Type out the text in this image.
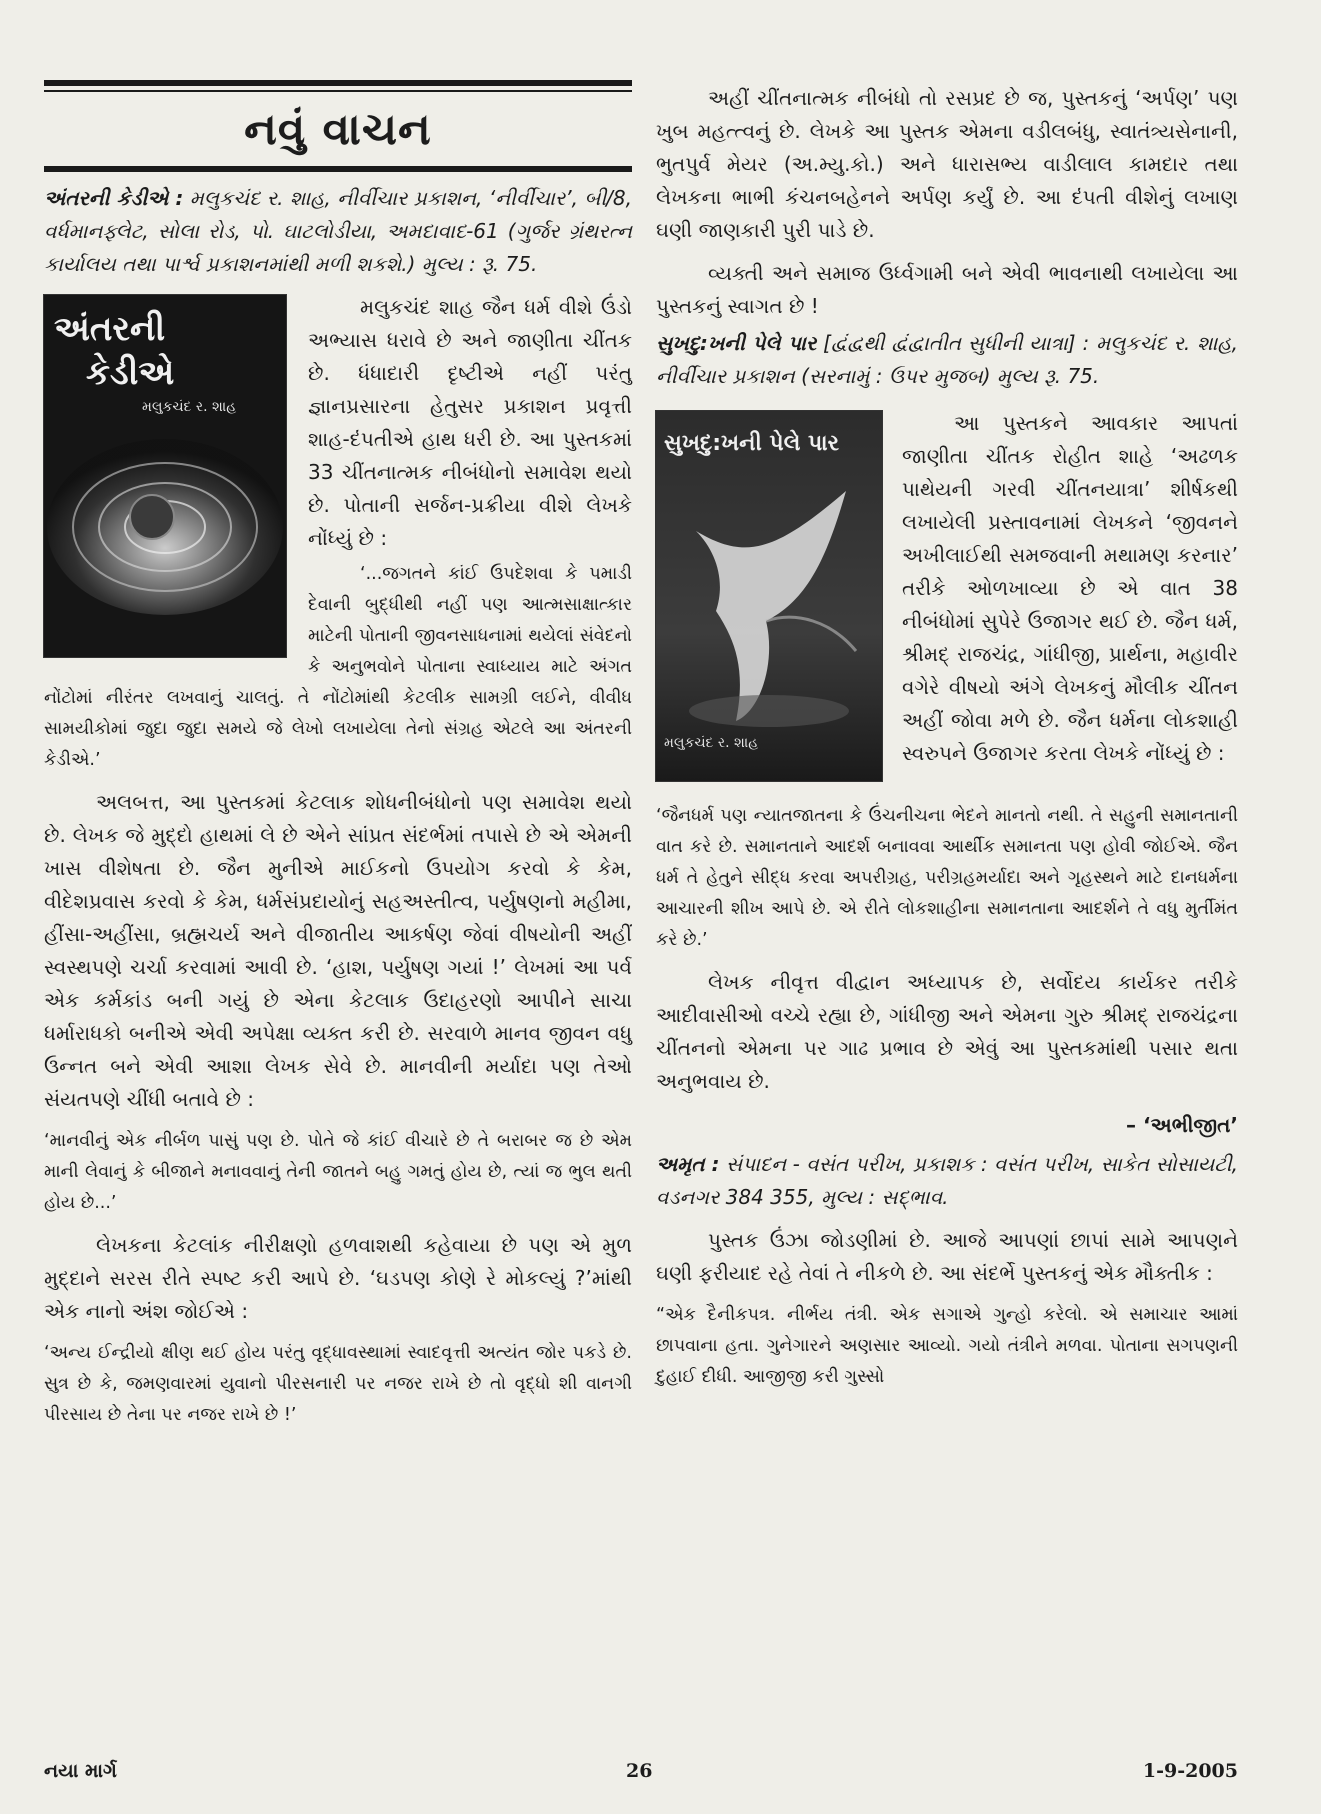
નવું વાચન
અંતરની કેડીએ : મલુકચંદ ર. શાહ, નીર્વીચાર પ્રકાશન, ‘નીર્વીચાર’, બી/8, વર્ધમાનફ્લેટ, સોલા રોડ, પો. ઘાટલોડીયા, અમદાવાદ-61 (ગુર્જર ગ્રંથરત્ન કાર્યાલય તથા પાર્શ્વ પ્રકાશનમાંથી મળી શકશે.) મુલ્ય : રૂ. 75.
અંતરની
કેડીએ
મલુકચંદ ર. શાહ

મલુકચંદ શાહ જૈન ધર્મ વીશે ઉંડો અભ્યાસ ધરાવે છે અને જાણીતા ચીંતક છે. ધંધાદારી દૃષ્ટીએ નહીં પરંતુ જ્ઞાનપ્રસારના હેતુસર પ્રકાશન પ્રવૃત્તી શાહ-દંપતીએ હાથ ધરી છે. આ પુસ્તકમાં 33 ચીંતનાત્મક નીબંધોનો સમાવેશ થયો છે. પોતાની સર્જન-પ્રક્રીયા વીશે લેખકે નોંધ્યું છે :

‘...જગતને કાંઈ ઉપદેશવા કે પમાડી દેવાની બુદ્ધીથી નહીં પણ આત્મસાક્ષાત્કાર માટેની પોતાની જીવનસાધનામાં થયેલાં સંવેદનો કે અનુભવોને પોતાના સ્વાધ્યાય માટે અંગત નોંટોમાં નીરંતર લખવાનું ચાલતું. તે નોંટોમાંથી કેટલીક સામગ્રી લઈને, વીવીધ સામયીકોમાં જુદા જુદા સમયે જે લેખો લખાયેલા તેનો સંગ્રહ એટલે આ અંતરની કેડીએ.’

અલબત્ત, આ પુસ્તકમાં કેટલાક શોધનીબંધોનો પણ સમાવેશ થયો છે. લેખક જે મુદ્દો હાથમાં લે છે એને સાંપ્રત સંદર્ભમાં તપાસે છે એ એમની ખાસ વીશેષતા છે. જૈન મુનીએ માઈકનો ઉપયોગ કરવો કે કેમ, વીદેશપ્રવાસ કરવો કે કેમ, ધર્મસંપ્રદાયોનું સહઅસ્તીત્વ, પર્યુષણનો મહીમા, હીંસા-અહીંસા, બ્રહ્મચર્ય અને વીજાતીય આકર્ષણ જેવાં વીષયોની અહીં સ્વસ્થપણે ચર્ચા કરવામાં આવી છે. ‘હાશ, પર્યુષણ ગયાં !’ લેખમાં આ પર્વ એક કર્મકાંડ બની ગયું છે એના કેટલાક ઉદાહરણો આપીને સાચા ધર્મારાધકો બનીએ એવી અપેક્ષા વ્યક્ત કરી છે. સરવાળે માનવ જીવન વધુ ઉન્નત બને એવી આશા લેખક સેવે છે. માનવીની મર્યાદા પણ તેઓ સંયતપણે ચીંધી બતાવે છે :

‘માનવીનું એક નીર્બળ પાસું પણ છે. પોતે જે કાંઈ વીચારે છે તે બરાબર જ છે એમ માની લેવાનું કે બીજાને મનાવવાનું તેની જાતને બહુ ગમતું હોય છે, ત્યાં જ ભુલ થતી હોય છે...’

લેખકના કેટલાંક નીરીક્ષણો હળવાશથી કહેવાયા છે પણ એ મુળ મુદ્દાને સરસ રીતે સ્પષ્ટ કરી આપે છે. ‘ઘડપણ કોણે રે મોકલ્યું ?’માંથી એક નાનો અંશ જોઈએ :

‘અન્ય ઈન્દ્રીયો ક્ષીણ થઈ હોય પરંતુ વૃદ્ધાવસ્થામાં સ્વાદવૃત્તી અત્યંત જોર પકડે છે. સુત્ર છે કે, જમણવારમાં યુવાનો પીરસનારી પર નજર રાખે છે તો વૃદ્ધો શી વાનગી પીરસાય છે તેના પર નજર રાખે છે !’

અહીં ચીંતનાત્મક નીબંધો તો રસપ્રદ છે જ, પુસ્તકનું ‘અર્પણ’ પણ ખુબ મહત્ત્વનું છે. લેખકે આ પુસ્તક એમના વડીલબંધુ, સ્વાતંત્ર્યસેનાની, ભુતપુર્વ મેયર (અ.મ્યુ.કો.) અને ધારાસભ્ય વાડીલાલ કામદાર તથા લેખકના ભાભી કંચનબહેનને અર્પણ કર્યું છે. આ દંપતી વીશેનું લખાણ ઘણી જાણકારી પુરી પાડે છે.

વ્યક્તી અને સમાજ ઉર્ધ્વગામી બને એવી ભાવનાથી લખાયેલા આ પુસ્તકનું સ્વાગત છે !

સુખદુ:ખની પેલે પાર [દ્વંદ્વથી દ્વંદ્વાતીત સુધીની યાત્રા] : મલુકચંદ ર. શાહ, નીર્વીચાર પ્રકાશન (સરનામું : ઉપર મુજબ) મુલ્ય રૂ. 75.
સુખદુ:ખની પેલે પાર
મલુકચંદ ર. શાહ

આ પુસ્તકને આવકાર આપતાં જાણીતા ચીંતક રોહીત શાહે ‘અઢળક પાથેયની ગરવી ચીંતનયાત્રા’ શીર્ષકથી લખાયેલી પ્રસ્તાવનામાં લેખકને ‘જીવનને અખીલાઈથી સમજવાની મથામણ કરનાર’ તરીકે ઓળખાવ્યા છે એ વાત 38 નીબંધોમાં સુપેરે ઉજાગર થઈ છે. જૈન ધર્મ, શ્રીમદ્ રાજચંદ્ર, ગાંધીજી, પ્રાર્થના, મહાવીર વગેરે વીષયો અંગે લેખકનું મૌલીક ચીંતન અહીં જોવા મળે છે. જૈન ધર્મના લોકશાહી સ્વરુપને ઉજાગર કરતા લેખકે નોંધ્યું છે :

‘જૈનધર્મ પણ ન્યાતજાતના કે ઉંચનીચના ભેદને માનતો નથી. તે સહુની સમાનતાની વાત કરે છે. સમાનતાને આદર્શ બનાવવા આર્થીક સમાનતા પણ હોવી જોઈએ. જૈન ધર્મ તે હેતુને સીદ્ધ કરવા અપરીગ્રહ, પરીગ્રહમર્યાદા અને ગૃહસ્થને માટે દાનધર્મના આચારની શીખ આપે છે. એ રીતે લોકશાહીના સમાનતાના આદર્શને તે વધુ મુર્તીમંત કરે છે.’

લેખક નીવૃત્ત વીદ્વાન અધ્યાપક છે, સર્વોદય કાર્યકર તરીકે આદીવાસીઓ વચ્ચે રહ્યા છે, ગાંધીજી અને એમના ગુરુ શ્રીમદ્ રાજચંદ્રના ચીંતનનો એમના પર ગાઢ પ્રભાવ છે એવું આ પુસ્તકમાંથી પસાર થતા અનુભવાય છે.

– ‘અભીજીત’
અમૃત : સંપાદન - વસંત પરીખ, પ્રકાશક : વસંત પરીખ, સાકેત સોસાયટી, વડનગર 384 355, મુલ્ય : સદ્ભાવ.

પુસ્તક ઉંઝા જોડણીમાં છે. આજે આપણાં છાપાં સામે આપણને ઘણી ફરીયાદ રહે તેવાં તે નીકળે છે. આ સંદર્ભે પુસ્તકનું એક મૌક્તીક :

“એક દૈનીકપત્ર. નીર્ભય તંત્રી. એક સગાએ ગુન્હો કરેલો. એ સમાચાર આમાં છાપવાના હતા. ગુનેગારને અણસાર આવ્યો. ગયો તંત્રીને મળવા. પોતાના સગપણની દુહાઈ દીધી. આજીજી કરી ગુસ્સો

નયા માર્ગ	26	1-9-2005
